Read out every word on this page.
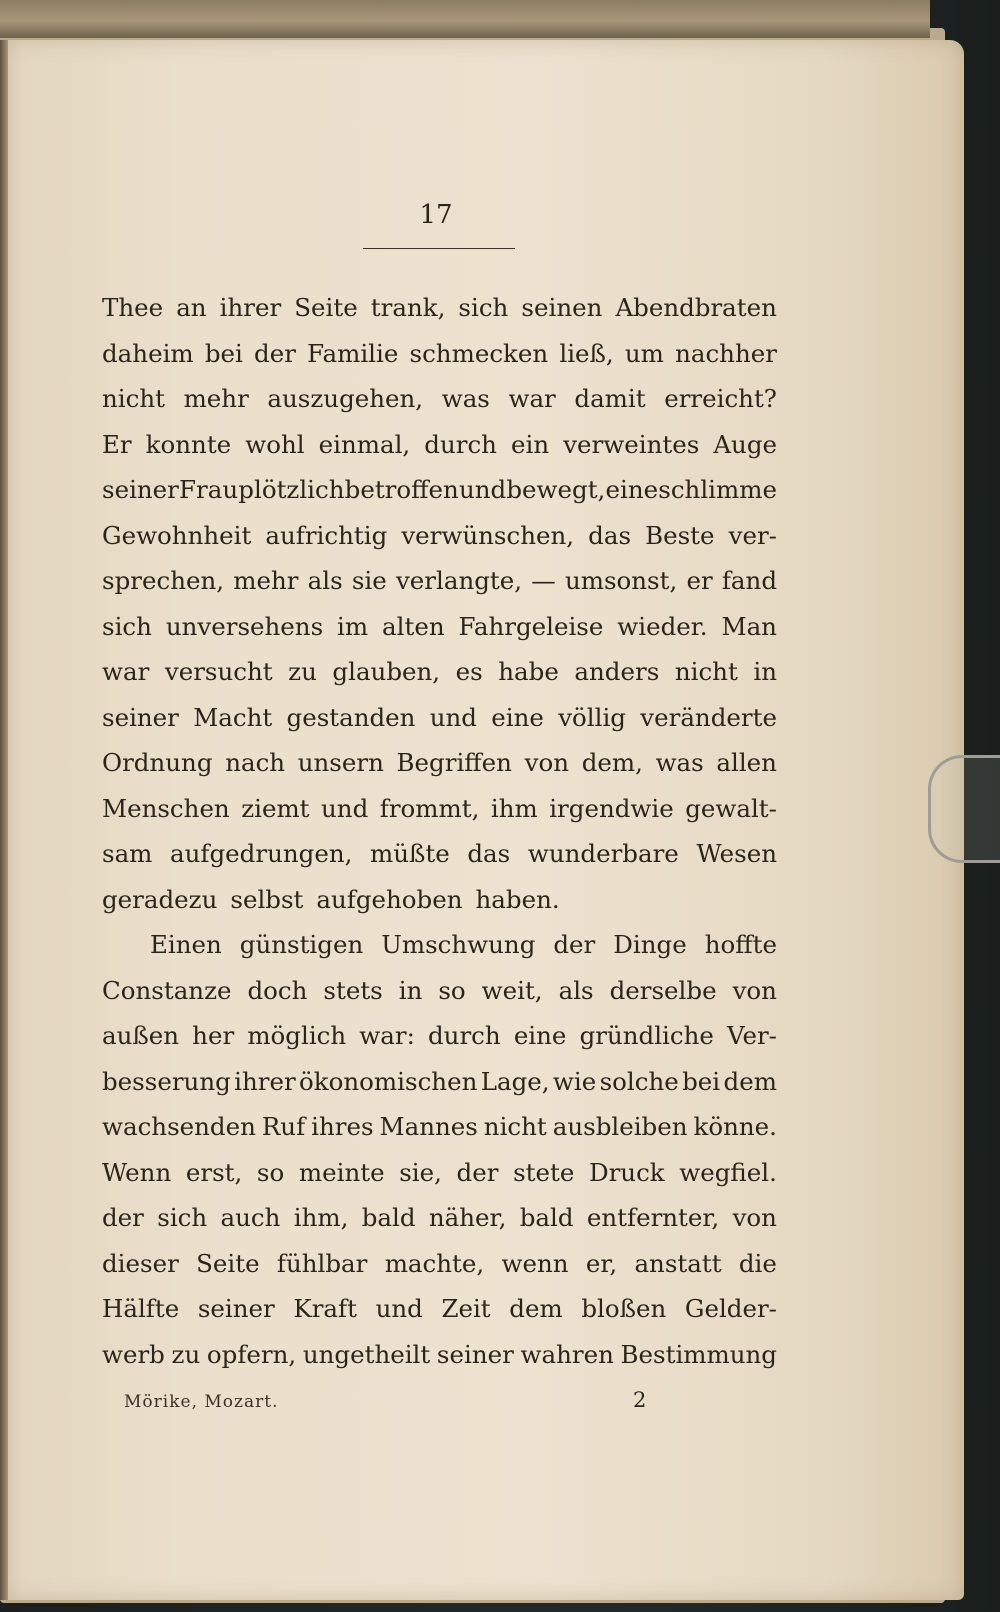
17
Thee an ihrer Seite trank, sich seinen Abendbraten
daheim bei der Familie schmecken ließ, um nachher
nicht mehr auszugehen, was war damit erreicht?
Er konnte wohl einmal, durch ein verweintes Auge
seiner Frau plötzlich betroffen und bewegt, eine schlimme
Gewohnheit aufrichtig verwünschen, das Beste ver-
sprechen, mehr als sie verlangte, — umsonst, er fand
sich unversehens im alten Fahrgeleise wieder. Man
war versucht zu glauben, es habe anders nicht in
seiner Macht gestanden und eine völlig veränderte
Ordnung nach unsern Begriffen von dem, was allen
Menschen ziemt und frommt, ihm irgendwie gewalt-
sam aufgedrungen, müßte das wunderbare Wesen
geradezu selbst aufgehoben haben.
Einen günstigen Umschwung der Dinge hoffte
Constanze doch stets in so weit, als derselbe von
außen her möglich war: durch eine gründliche Ver-
besserung ihrer ökonomischen Lage, wie solche bei dem
wachsenden Ruf ihres Mannes nicht ausbleiben könne.
Wenn erst, so meinte sie, der stete Druck wegfiel.
der sich auch ihm, bald näher, bald entfernter, von
dieser Seite fühlbar machte, wenn er, anstatt die
Hälfte seiner Kraft und Zeit dem bloßen Gelder-
werb zu opfern, ungetheilt seiner wahren Bestimmung
Mörike, Mozart.	2
